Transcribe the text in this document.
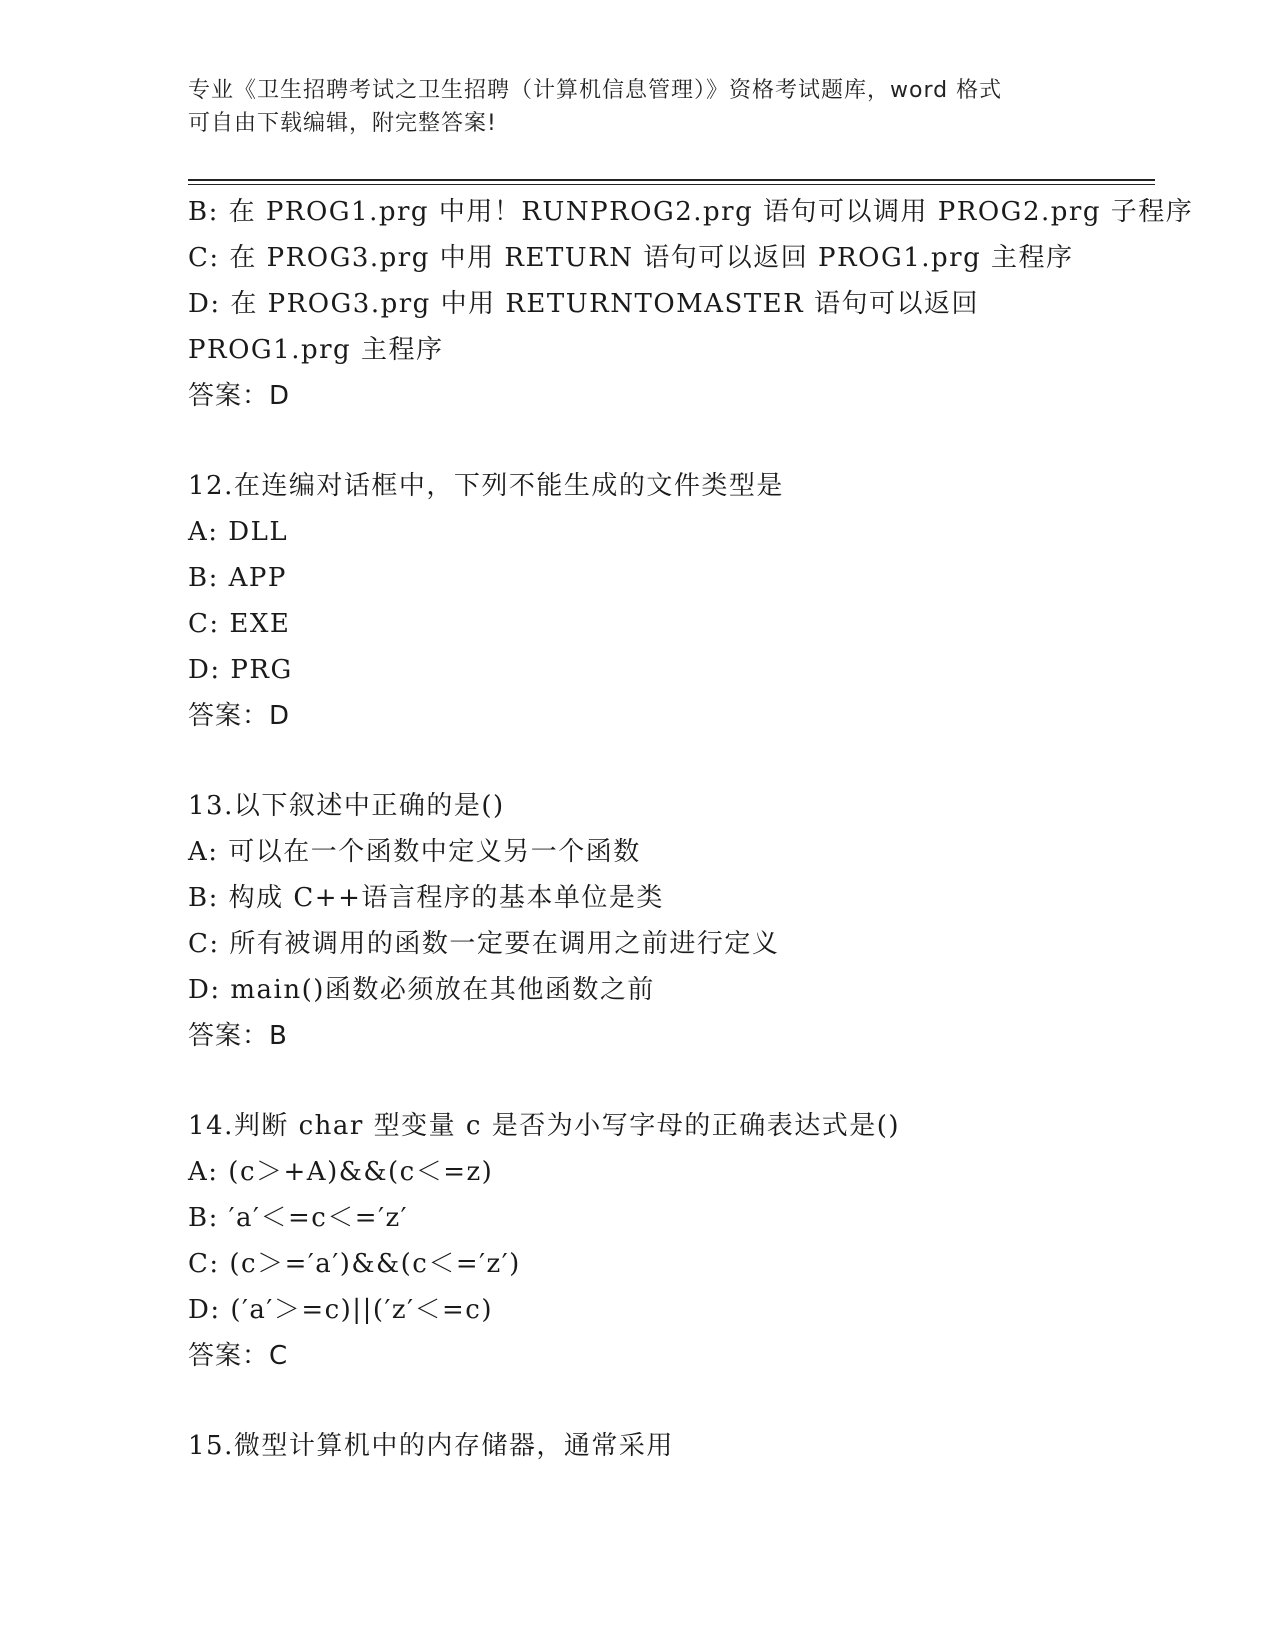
专业《卫生招聘考试之卫生招聘（计算机信息管理）》资格考试题库，word 格式
可自由下载编辑，附完整答案!
B: 在 PROG1.prg 中用！RUNPROG2.prg 语句可以调用 PROG2.prg 子程序
C: 在 PROG3.prg 中用 RETURN 语句可以返回 PROG1.prg 主程序
D: 在 PROG3.prg 中用 RETURNTOMASTER 语句可以返回 PROG1.prg 主程序
答案：D
12.在连编对话框中，下列不能生成的文件类型是
A: DLL
B: APP
C: EXE
D: PRG
答案：D
13.以下叙述中正确的是()
A: 可以在一个函数中定义另一个函数
B: 构成 C++语言程序的基本单位是类
C: 所有被调用的函数一定要在调用之前进行定义
D: main()函数必须放在其他函数之前
答案：B
14.判断 char 型变量 c 是否为小写字母的正确表达式是()
A: (c＞+A)&&(c＜=z)
B: ′a′＜=c＜=′z′
C: (c＞=′a′)&&(c＜=′z′)
D: (′a′＞=c)||(′z′＜=c)
答案：C
15.微型计算机中的内存储器，通常采用
